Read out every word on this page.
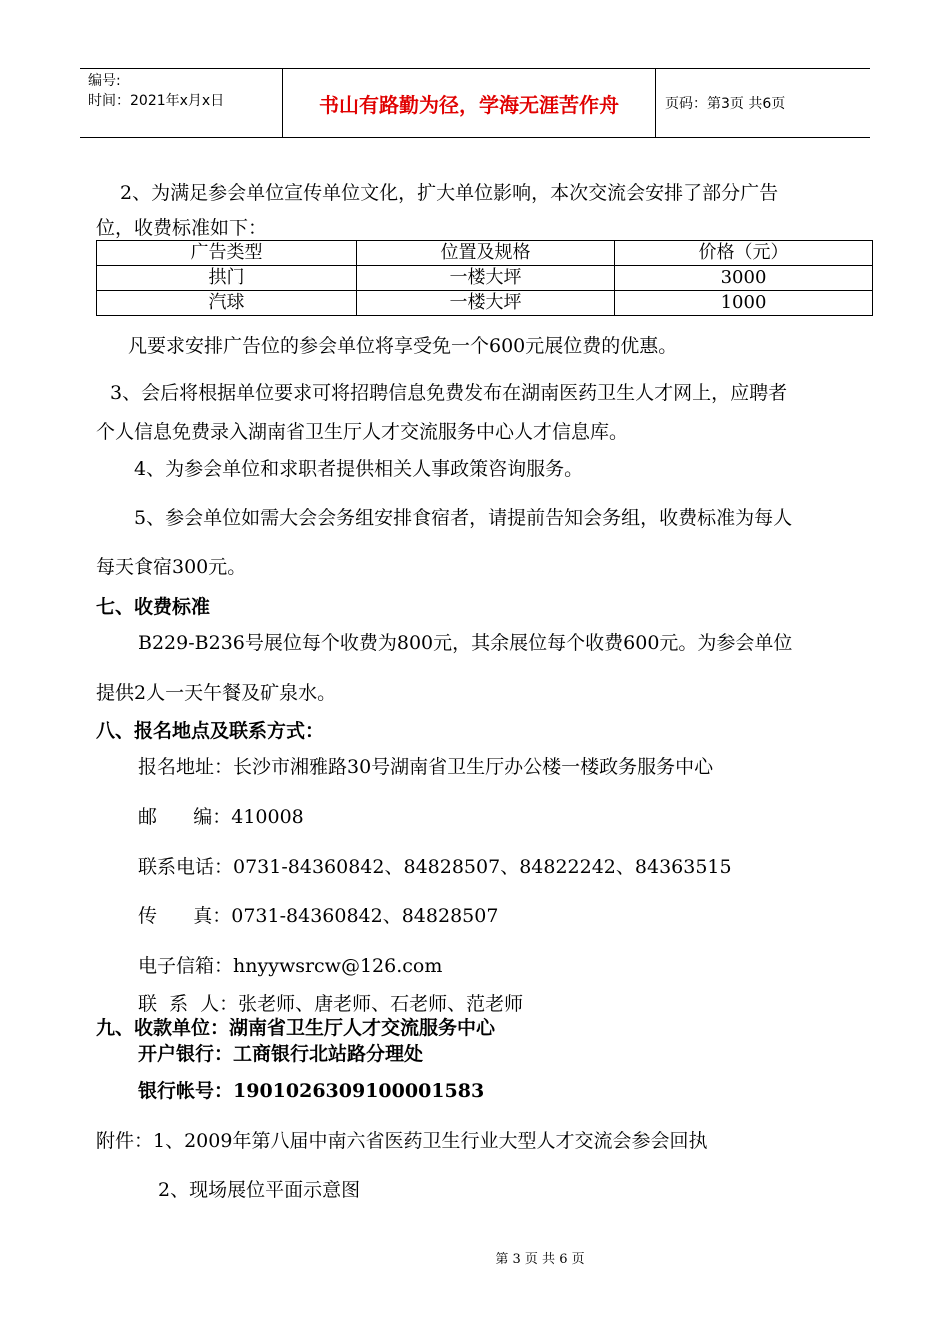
编号:
时间：2021年x月x日	书山有路勤为径，学海无涯苦作舟	页码：第3页 共6页
2、为满足参会单位宣传单位文化，扩大单位影响，本次交流会安排了部分广告
位，收费标准如下：
广告类型	位置及规格	价格（元）
拱门	一楼大坪	3000
汽球	一楼大坪	1000
凡要求安排广告位的参会单位将享受免一个600元展位费的优惠。
3、会后将根据单位要求可将招聘信息免费发布在湖南医药卫生人才网上，应聘者
个人信息免费录入湖南省卫生厅人才交流服务中心人才信息库。
4、为参会单位和求职者提供相关人事政策咨询服务。
5、参会单位如需大会会务组安排食宿者，请提前告知会务组，收费标准为每人
每天食宿300元。
七、收费标准
B229-B236号展位每个收费为800元，其余展位每个收费600元。为参会单位
提供2人一天午餐及矿泉水。
八、报名地点及联系方式：
报名地址：长沙市湘雅路30号湖南省卫生厅办公楼一楼政务服务中心
邮      编：410008
联系电话：0731-84360842、84828507、84822242、84363515
传      真：0731-84360842、84828507
电子信箱：hnyywsrcw@126.com
联  系  人：张老师、唐老师、石老师、范老师
九、收款单位：湖南省卫生厅人才交流服务中心
开户银行：工商银行北站路分理处
银行帐号：1901026309100001583
附件：1、2009年第八届中南六省医药卫生行业大型人才交流会参会回执
2、现场展位平面示意图
第 3 页 共 6 页
